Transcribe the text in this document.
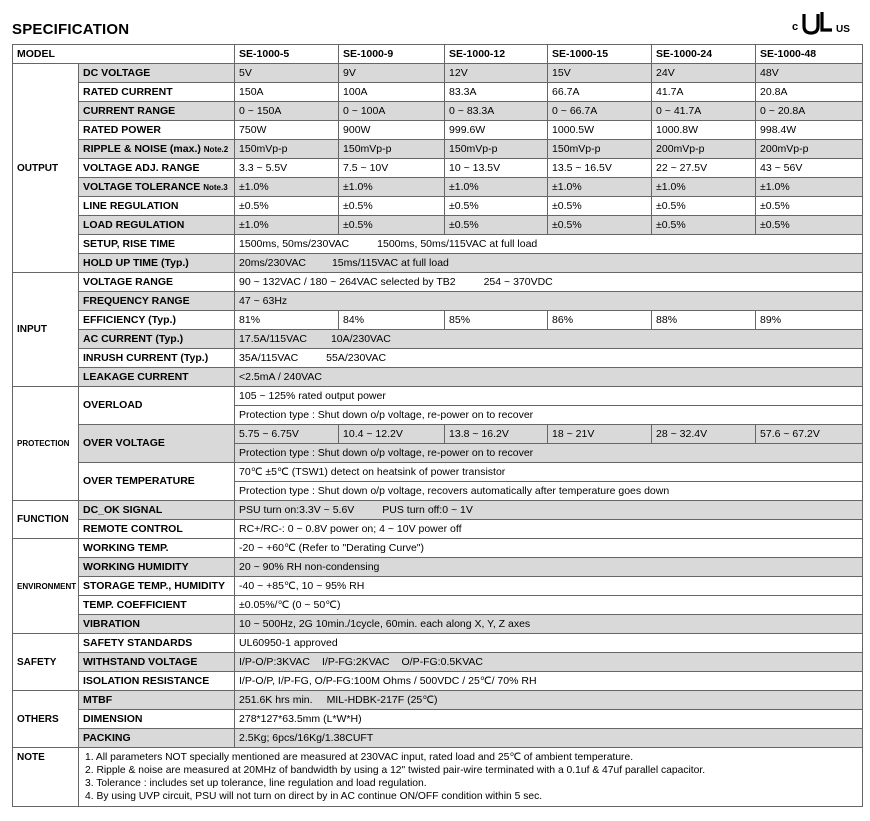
SPECIFICATION	c	US
MODEL		SE-1000-5	SE-1000-9	SE-1000-12	SE-1000-15	SE-1000-24	SE-1000-48
OUTPUT	DC VOLTAGE	5V	9V	12V	15V	24V	48V
	RATED CURRENT	150A	100A	83.3A	66.7A	41.7A	20.8A
	CURRENT RANGE	0 ~ 150A	0 ~ 100A	0 ~ 83.3A	0 ~ 66.7A	0 ~ 41.7A	0 ~ 20.8A
	RATED POWER	750W	900W	999.6W	1000.5W	1000.8W	998.4W
	RIPPLE & NOISE (max.) Note.2	150mVp-p	150mVp-p	150mVp-p	150mVp-p	200mVp-p	200mVp-p
	VOLTAGE ADJ. RANGE	3.3 ~ 5.5V	7.5 ~ 10V	10 ~ 13.5V	13.5 ~ 16.5V	22 ~ 27.5V	43 ~ 56V
	VOLTAGE TOLERANCE Note.3	±1.0%	±1.0%	±1.0%	±1.0%	±1.0%	±1.0%
	LINE REGULATION	±0.5%	±0.5%	±0.5%	±0.5%	±0.5%	±0.5%
	LOAD REGULATION	±1.0%	±0.5%	±0.5%	±0.5%	±0.5%	±0.5%
	SETUP, RISE TIME	1500ms, 50ms/230VAC 1500ms, 50ms/115VAC at full load					
	HOLD UP TIME (Typ.)	20ms/230VAC 15ms/115VAC at full load					
INPUT	VOLTAGE RANGE	90 ~ 132VAC / 180 ~ 264VAC selected by TB2 254 ~ 370VDC					
	FREQUENCY RANGE	47 ~ 63Hz					
	EFFICIENCY (Typ.)	81%	84%	85%	86%	88%	89%
	AC CURRENT (Typ.)	17.5A/115VAC 10A/230VAC					
	INRUSH CURRENT (Typ.)	35A/115VAC 55A/230VAC					
	LEAKAGE CURRENT	<2.5mA / 240VAC					
PROTECTION	OVERLOAD	105 ~ 125% rated output power					
		Protection type : Shut down o/p voltage, re-power on to recover					
	OVER VOLTAGE	5.75 ~ 6.75V	10.4 ~ 12.2V	13.8 ~ 16.2V	18 ~ 21V	28 ~ 32.4V	57.6 ~ 67.2V
		Protection type : Shut down o/p voltage, re-power on to recover					
	OVER TEMPERATURE	70℃ ±5℃ (TSW1) detect on heatsink of power transistor					
		Protection type : Shut down o/p voltage, recovers automatically after temperature goes down					
FUNCTION	DC_OK SIGNAL	PSU turn on:3.3V ~ 5.6V PUS turn off:0 ~ 1V					
	REMOTE CONTROL	RC+/RC-: 0 ~ 0.8V power on; 4 ~ 10V power off					
ENVIRONMENT	WORKING TEMP.	-20 ~ +60℃ (Refer to "Derating Curve")					
	WORKING HUMIDITY	20 ~ 90% RH non-condensing					
	STORAGE TEMP., HUMIDITY	-40 ~ +85℃, 10 ~ 95% RH					
	TEMP. COEFFICIENT	±0.05%/℃ (0 ~ 50℃)					
	VIBRATION	10 ~ 500Hz, 2G 10min./1cycle, 60min. each along X, Y, Z axes					
SAFETY	SAFETY STANDARDS	UL60950-1 approved					
	WITHSTAND VOLTAGE	I/P-O/P:3KVAC I/P-FG:2KVAC O/P-FG:0.5KVAC					
	ISOLATION RESISTANCE	I/P-O/P, I/P-FG, O/P-FG:100M Ohms / 500VDC / 25℃/ 70% RH					
OTHERS	MTBF	251.6K hrs min. MIL-HDBK-217F (25℃)					
	DIMENSION	278*127*63.5mm (L*W*H)					
	PACKING	2.5Kg; 6pcs/16Kg/1.38CUFT					
NOTE	1. All parameters NOT specially mentioned are measured at 230VAC input, rated load and 25℃ of ambient temperature.
2. Ripple & noise are measured at 20MHz of bandwidth by using a 12" twisted pair-wire terminated with a 0.1uf & 47uf parallel capacitor.
3. Tolerance : includes set up tolerance, line regulation and load regulation.
4. By using UVP circuit, PSU will not turn on direct by in AC continue ON/OFF condition within 5 sec.						
